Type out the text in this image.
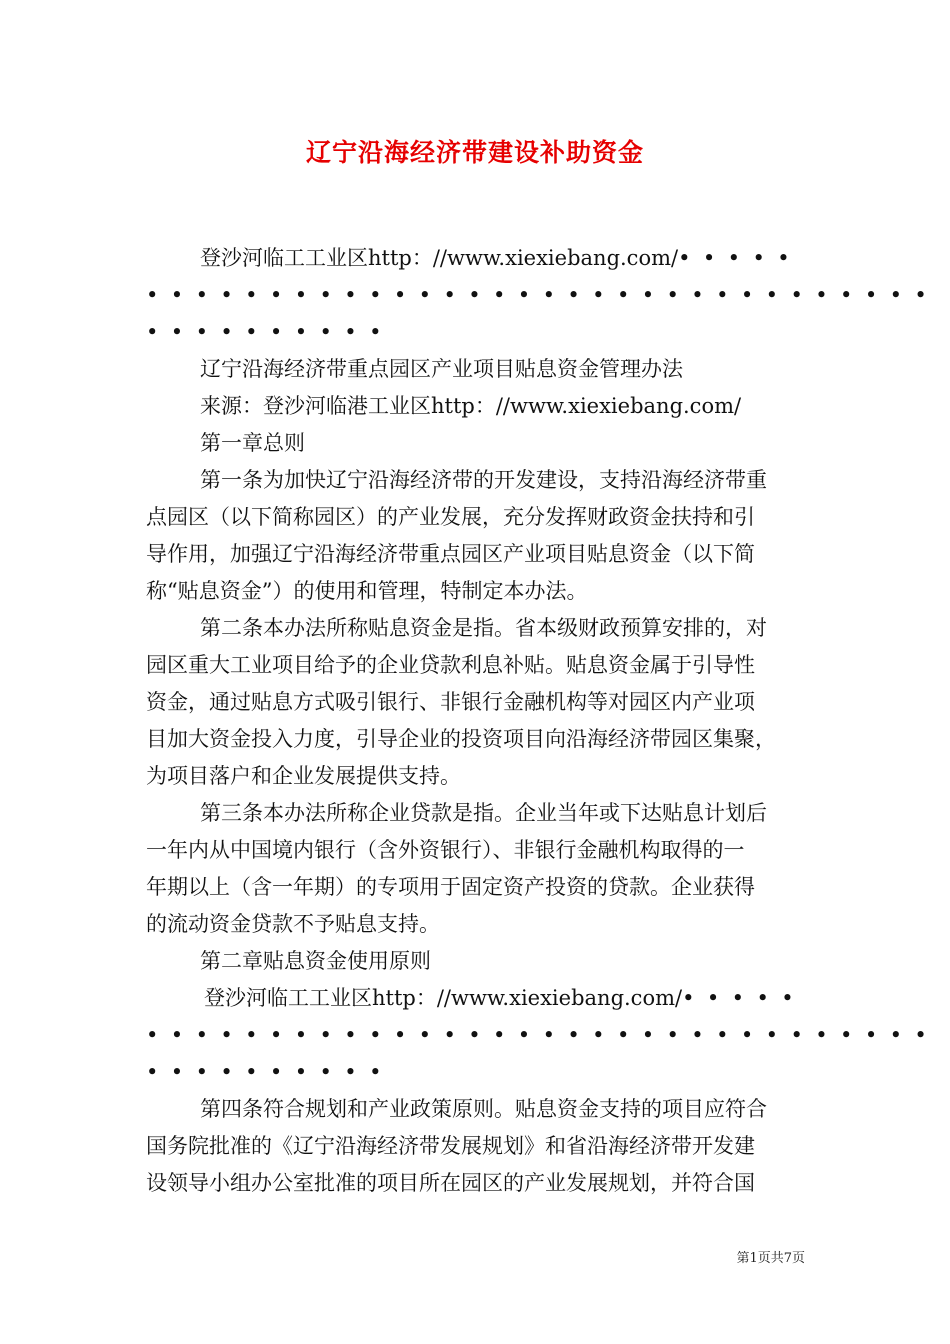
辽宁沿海经济带建设补助资金
登沙河临工工业区http：//www.xiexiebang.com/•••••
••••••••••••••••••••••••••••••••
••••••••••
辽宁沿海经济带重点园区产业项目贴息资金管理办法
来源：登沙河临港工业区http：//www.xiexiebang.com/
第一章总则
第一条为加快辽宁沿海经济带的开发建设，支持沿海经济带重
点园区（以下简称园区）的产业发展，充分发挥财政资金扶持和引
导作用，加强辽宁沿海经济带重点园区产业项目贴息资金（以下简
称“贴息资金”）的使用和管理，特制定本办法。
第二条本办法所称贴息资金是指。省本级财政预算安排的，对
园区重大工业项目给予的企业贷款利息补贴。贴息资金属于引导性
资金，通过贴息方式吸引银行、非银行金融机构等对园区内产业项
目加大资金投入力度，引导企业的投资项目向沿海经济带园区集聚，
为项目落户和企业发展提供支持。
第三条本办法所称企业贷款是指。企业当年或下达贴息计划后
一年内从中国境内银行（含外资银行）、非银行金融机构取得的一
年期以上（含一年期）的专项用于固定资产投资的贷款。企业获得
的流动资金贷款不予贴息支持。
第二章贴息资金使用原则
登沙河临工工业区http：//www.xiexiebang.com/•••••
••••••••••••••••••••••••••••••••
••••••••••
第四条符合规划和产业政策原则。贴息资金支持的项目应符合
国务院批准的《辽宁沿海经济带发展规划》和省沿海经济带开发建
设领导小组办公室批准的项目所在园区的产业发展规划，并符合国
第1页共7页
